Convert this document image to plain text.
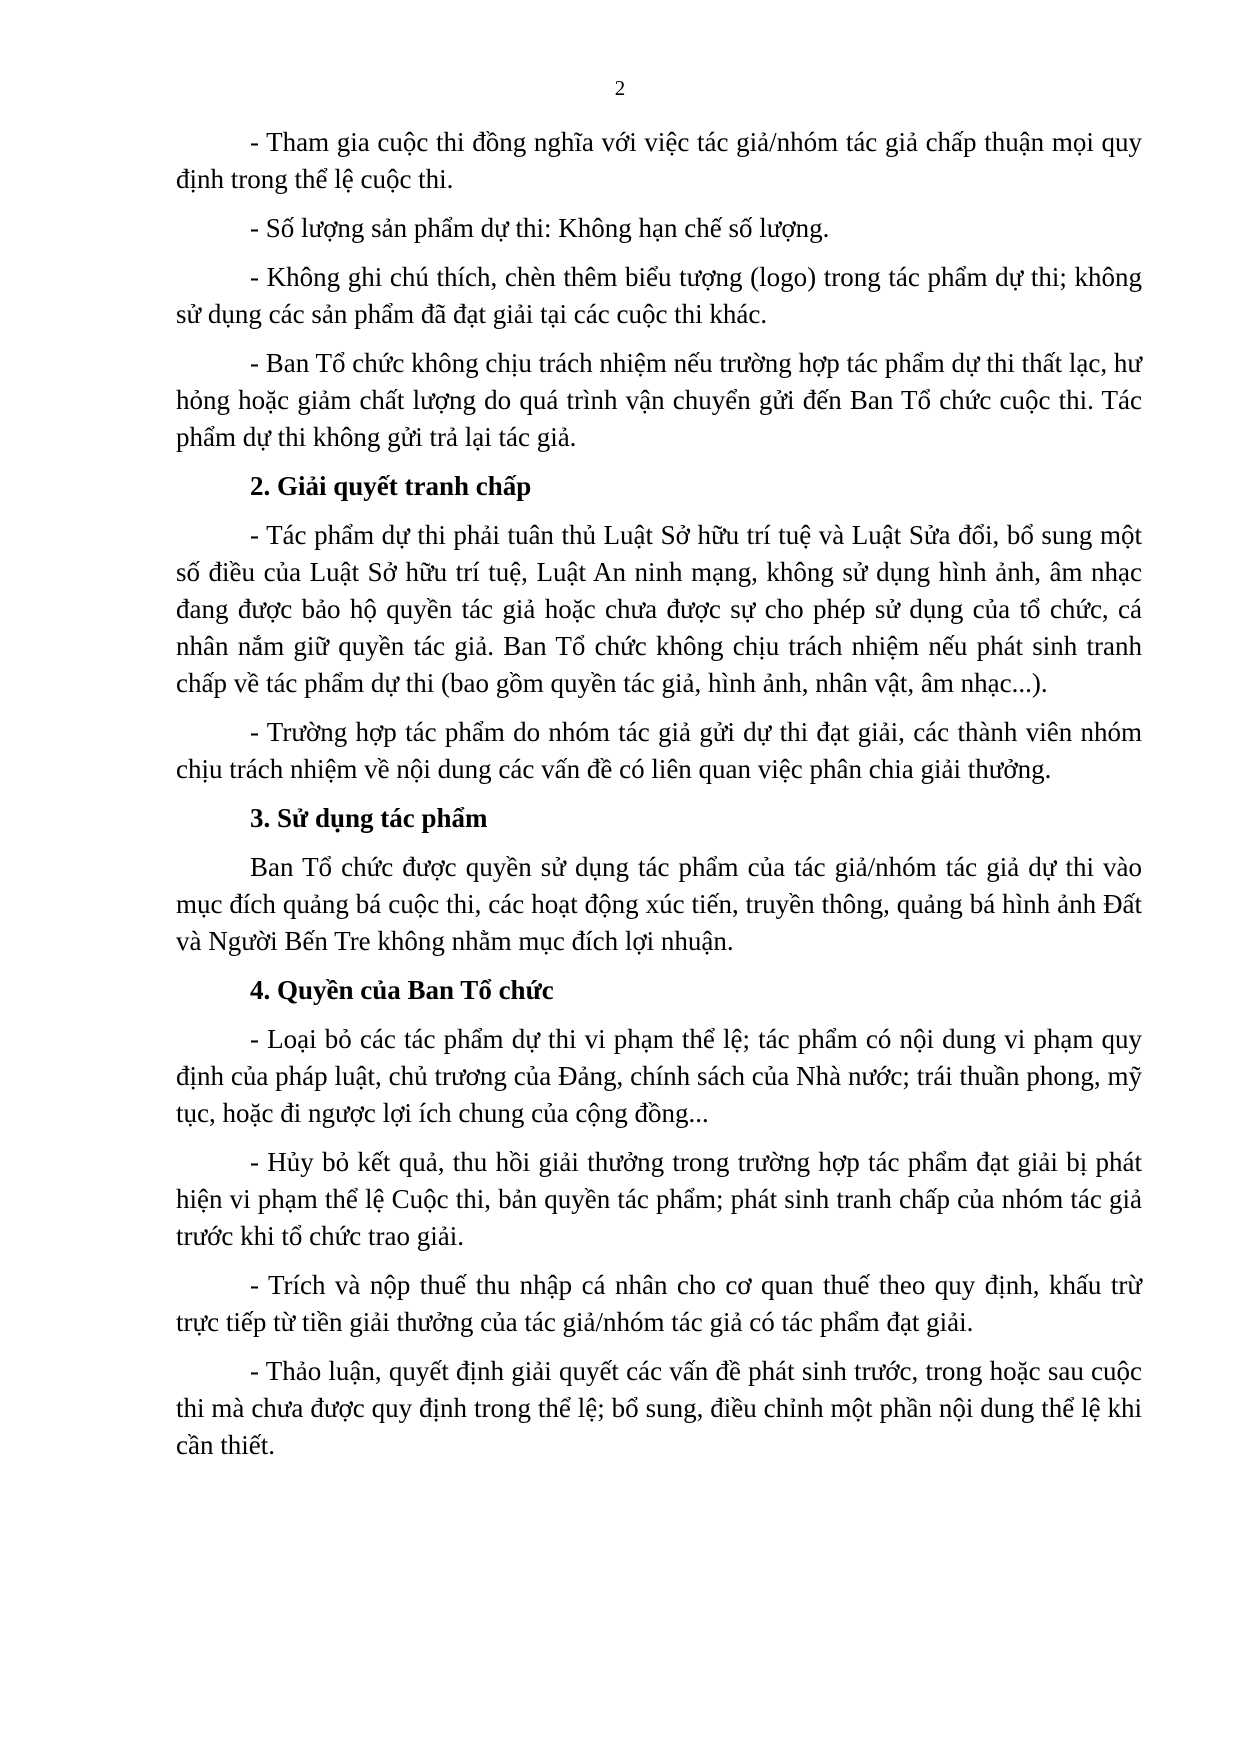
2

- Tham gia cuộc thi đồng nghĩa với việc tác giả/nhóm tác giả chấp thuận mọi quy định trong thể lệ cuộc thi.

- Số lượng sản phẩm dự thi: Không hạn chế số lượng.

- Không ghi chú thích, chèn thêm biểu tượng (logo) trong tác phẩm dự thi; không sử dụng các sản phẩm đã đạt giải tại các cuộc thi khác.

- Ban Tổ chức không chịu trách nhiệm nếu trường hợp tác phẩm dự thi thất lạc, hư hỏng hoặc giảm chất lượng do quá trình vận chuyển gửi đến Ban Tổ chức cuộc thi. Tác phẩm dự thi không gửi trả lại tác giả.

2. Giải quyết tranh chấp

- Tác phẩm dự thi phải tuân thủ Luật Sở hữu trí tuệ và Luật Sửa đổi, bổ sung một số điều của Luật Sở hữu trí tuệ, Luật An ninh mạng, không sử dụng hình ảnh, âm nhạc đang được bảo hộ quyền tác giả hoặc chưa được sự cho phép sử dụng của tổ chức, cá nhân nắm giữ quyền tác giả. Ban Tổ chức không chịu trách nhiệm nếu phát sinh tranh chấp về tác phẩm dự thi (bao gồm quyền tác giả, hình ảnh, nhân vật, âm nhạc...).

- Trường hợp tác phẩm do nhóm tác giả gửi dự thi đạt giải, các thành viên nhóm chịu trách nhiệm về nội dung các vấn đề có liên quan việc phân chia giải thưởng.

3. Sử dụng tác phẩm

Ban Tổ chức được quyền sử dụng tác phẩm của tác giả/nhóm tác giả dự thi vào mục đích quảng bá cuộc thi, các hoạt động xúc tiến, truyền thông, quảng bá hình ảnh Đất và Người Bến Tre không nhằm mục đích lợi nhuận.

4. Quyền của Ban Tổ chức

- Loại bỏ các tác phẩm dự thi vi phạm thể lệ; tác phẩm có nội dung vi phạm quy định của pháp luật, chủ trương của Đảng, chính sách của Nhà nước; trái thuần phong, mỹ tục, hoặc đi ngược lợi ích chung của cộng đồng...

- Hủy bỏ kết quả, thu hồi giải thưởng trong trường hợp tác phẩm đạt giải bị phát hiện vi phạm thể lệ Cuộc thi, bản quyền tác phẩm; phát sinh tranh chấp của nhóm tác giả trước khi tổ chức trao giải.

- Trích và nộp thuế thu nhập cá nhân cho cơ quan thuế theo quy định, khấu trừ trực tiếp từ tiền giải thưởng của tác giả/nhóm tác giả có tác phẩm đạt giải.

- Thảo luận, quyết định giải quyết các vấn đề phát sinh trước, trong hoặc sau cuộc thi mà chưa được quy định trong thể lệ; bổ sung, điều chỉnh một phần nội dung thể lệ khi cần thiết.
